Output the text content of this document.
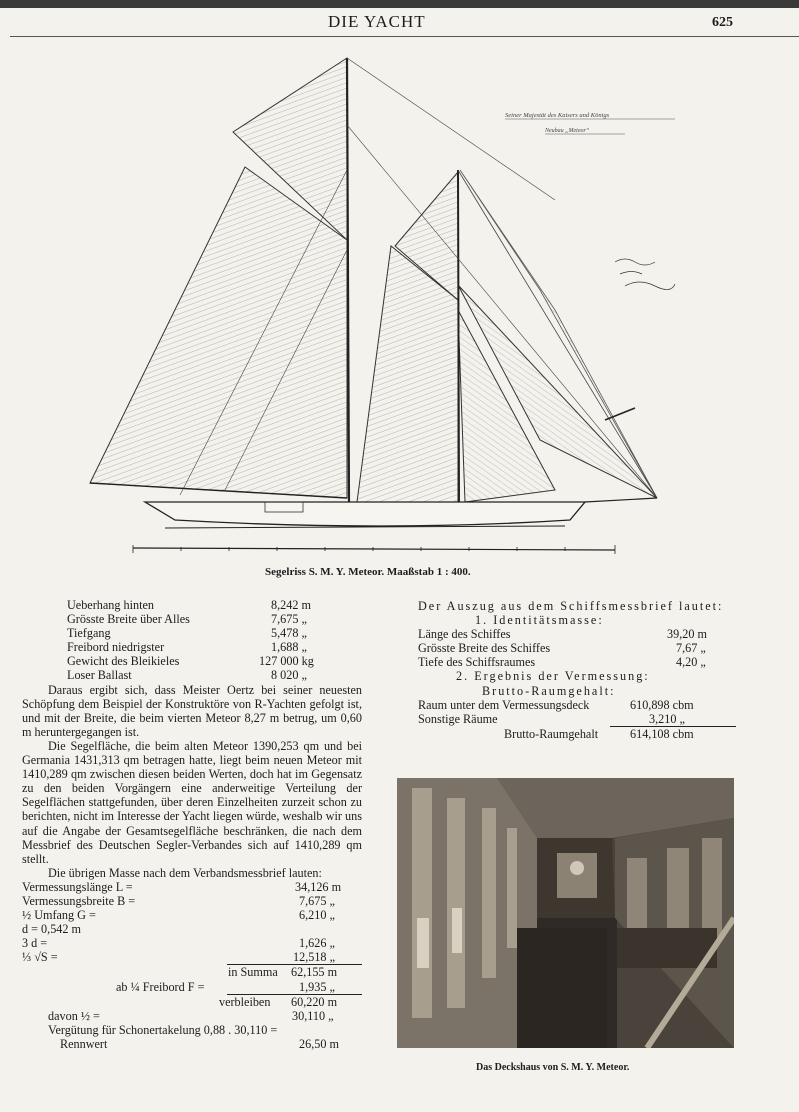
DIE YACHT	625
Seiner Majestät des Kaisers und Königs
Neubau „Meteor“
Segelriss S. M. Y. Meteor. Maaßstab 1 : 400.
Ueberhang hinten	8,242 m
Grösste Breite über Alles	7,675 „
Tiefgang	5,478 „
Freibord niedrigster	1,688 „
Gewicht des Bleikieles	127 000 kg
Loser Ballast	8 020 „

Daraus ergibt sich, dass Meister Oertz bei seiner neuesten Schöpfung dem Beispiel der Konstruktöre von R-Yachten gefolgt ist, und mit der Breite, die beim vierten Meteor 8,27 m betrug, um 0,60 m heruntergegangen ist.

Die Segelfläche, die beim alten Meteor 1390,253 qm und bei Germania 1431,313 qm betragen hatte, liegt beim neuen Meteor mit 1410,289 qm zwischen diesen beiden Werten, doch hat im Gegensatz zu den beiden Vorgängern eine anderweitige Verteilung der Segelflächen stattgefunden, über deren Einzelheiten zurzeit schon zu berichten, nicht im Interesse der Yacht liegen würde, weshalb wir uns auf die Angabe der Gesamtsegelfläche beschränken, die nach dem Messbrief des Deutschen Segler-Verbandes sich auf 1410,289 qm stellt.

Die übrigen Masse nach dem Verbandsmessbrief lauten:

Vermessungslänge L =	34,126 m
Vermessungsbreite B =	7,675 „
½ Umfang G =	6,210 „
d = 0,542 m
3 d =	1,626 „
⅓ √S =	12,518 „
in Summa 62,155 m
ab ¼ Freibord F =	1,935 „
verbleiben 60,220 m
davon ½ =	30,110 „
Vergütung für Schonertakelung 0,88 . 30,110 =
Rennwert	26,50 m
Der Auszug aus dem Schiffsmessbrief lautet:
1. Identitätsmasse:
Länge des Schiffes	39,20 m
Grösste Breite des Schiffes	7,67 „
Tiefe des Schiffsraumes	4,20 „
2. Ergebnis der Vermessung:
Brutto-Raumgehalt:
Raum unter dem Vermessungsdeck	610,898 cbm
Sonstige Räume	3,210 „
Brutto-Raumgehalt	614,108 cbm
Das Deckshaus von S. M. Y. Meteor.
